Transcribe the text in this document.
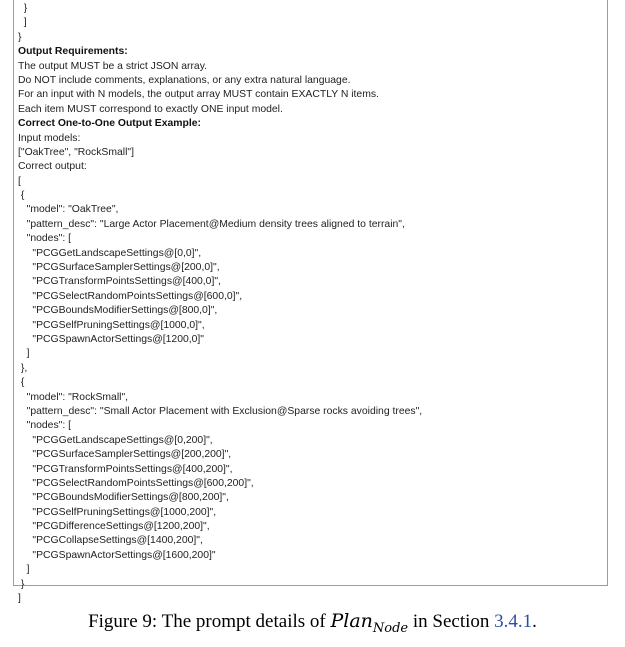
}
]
}
Output Requirements:
The output MUST be a strict JSON array.
Do NOT include comments, explanations, or any extra natural language.
For an input with N models, the output array MUST contain EXACTLY N items.
Each item MUST correspond to exactly ONE input model.
Correct One-to-One Output Example:
Input models:
["OakTree", "RockSmall"]
Correct output:
[
{
"model": "OakTree",
"pattern_desc": "Large Actor Placement@Medium density trees aligned to terrain",
"nodes": [
"PCGGetLandscapeSettings@[0,0]",
"PCGSurfaceSamplerSettings@[200,0]",
"PCGTransformPointsSettings@[400,0]",
"PCGSelectRandomPointsSettings@[600,0]",
"PCGBoundsModifierSettings@[800,0]",
"PCGSelfPruningSettings@[1000,0]",
"PCGSpawnActorSettings@[1200,0]"
]
},
{
"model": "RockSmall",
"pattern_desc": "Small Actor Placement with Exclusion@Sparse rocks avoiding trees",
"nodes": [
"PCGGetLandscapeSettings@[0,200]",
"PCGSurfaceSamplerSettings@[200,200]",
"PCGTransformPointsSettings@[400,200]",
"PCGSelectRandomPointsSettings@[600,200]",
"PCGBoundsModifierSettings@[800,200]",
"PCGSelfPruningSettings@[1000,200]",
"PCGDifferenceSettings@[1200,200]",
"PCGCollapseSettings@[1400,200]",
"PCGSpawnActorSettings@[1600,200]"
]
}
]
Figure 9: The prompt details of Plan$_{Node}$ in Section 3.4.1.
